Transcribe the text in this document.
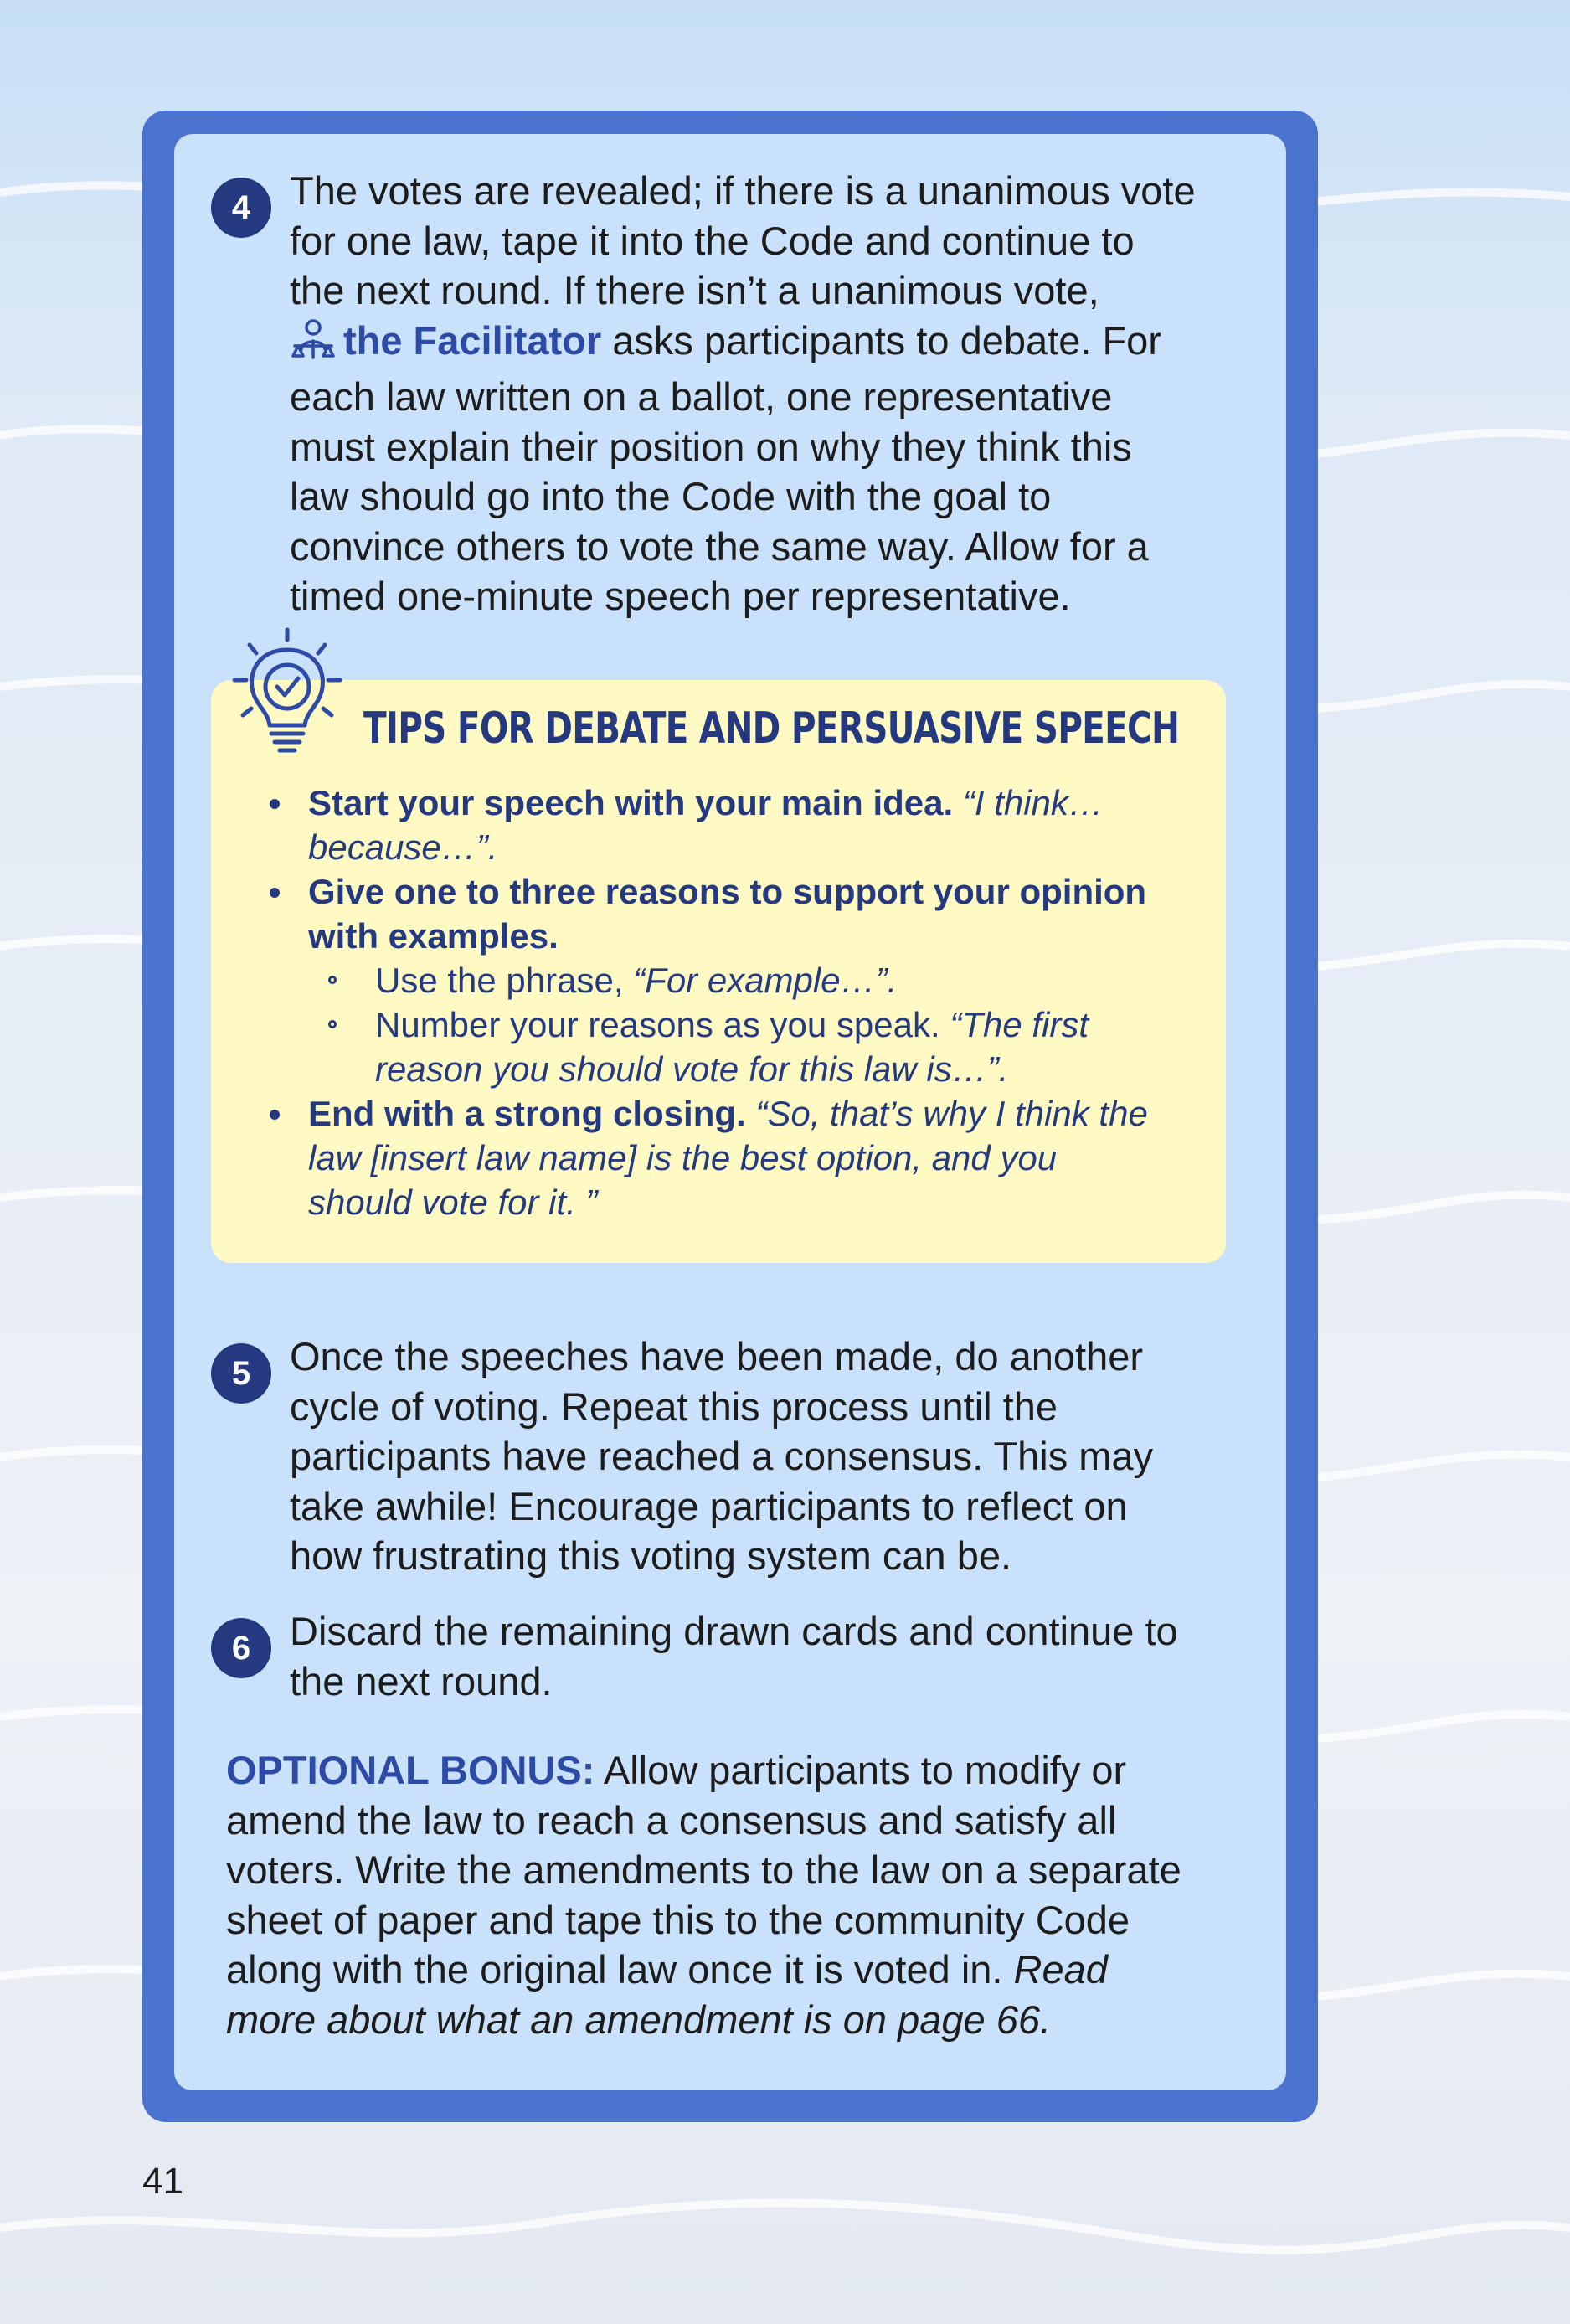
4 The votes are revealed; if there is a unanimous vote
for one law, tape it into the Code and continue to
the next round. If there isn’t a unanimous vote,
the Facilitator asks participants to debate. For
each law written on a ballot, one representative
must explain their position on why they think this
law should go into the Code with the goal to
convince others to vote the same way. Allow for a
timed one-minute speech per representative.
TIPS FOR DEBATE AND PERSUASIVE SPEECH
Start your speech with your main idea. “I think…
because…”.
Give one to three reasons to support your opinion
with examples.
Use the phrase, “For example…”.
Number your reasons as you speak. “The first
reason you should vote for this law is…”.
End with a strong closing. “So, that’s why I think the
law [insert law name] is the best option, and you
should vote for it. ”
5 Once the speeches have been made, do another
cycle of voting. Repeat this process until the
participants have reached a consensus. This may
take awhile! Encourage participants to reflect on
how frustrating this voting system can be.
6 Discard the remaining drawn cards and continue to
the next round.
OPTIONAL BONUS: Allow participants to modify or
amend the law to reach a consensus and satisfy all
voters. Write the amendments to the law on a separate
sheet of paper and tape this to the community Code
along with the original law once it is voted in. Read
more about what an amendment is on page 66.
41
